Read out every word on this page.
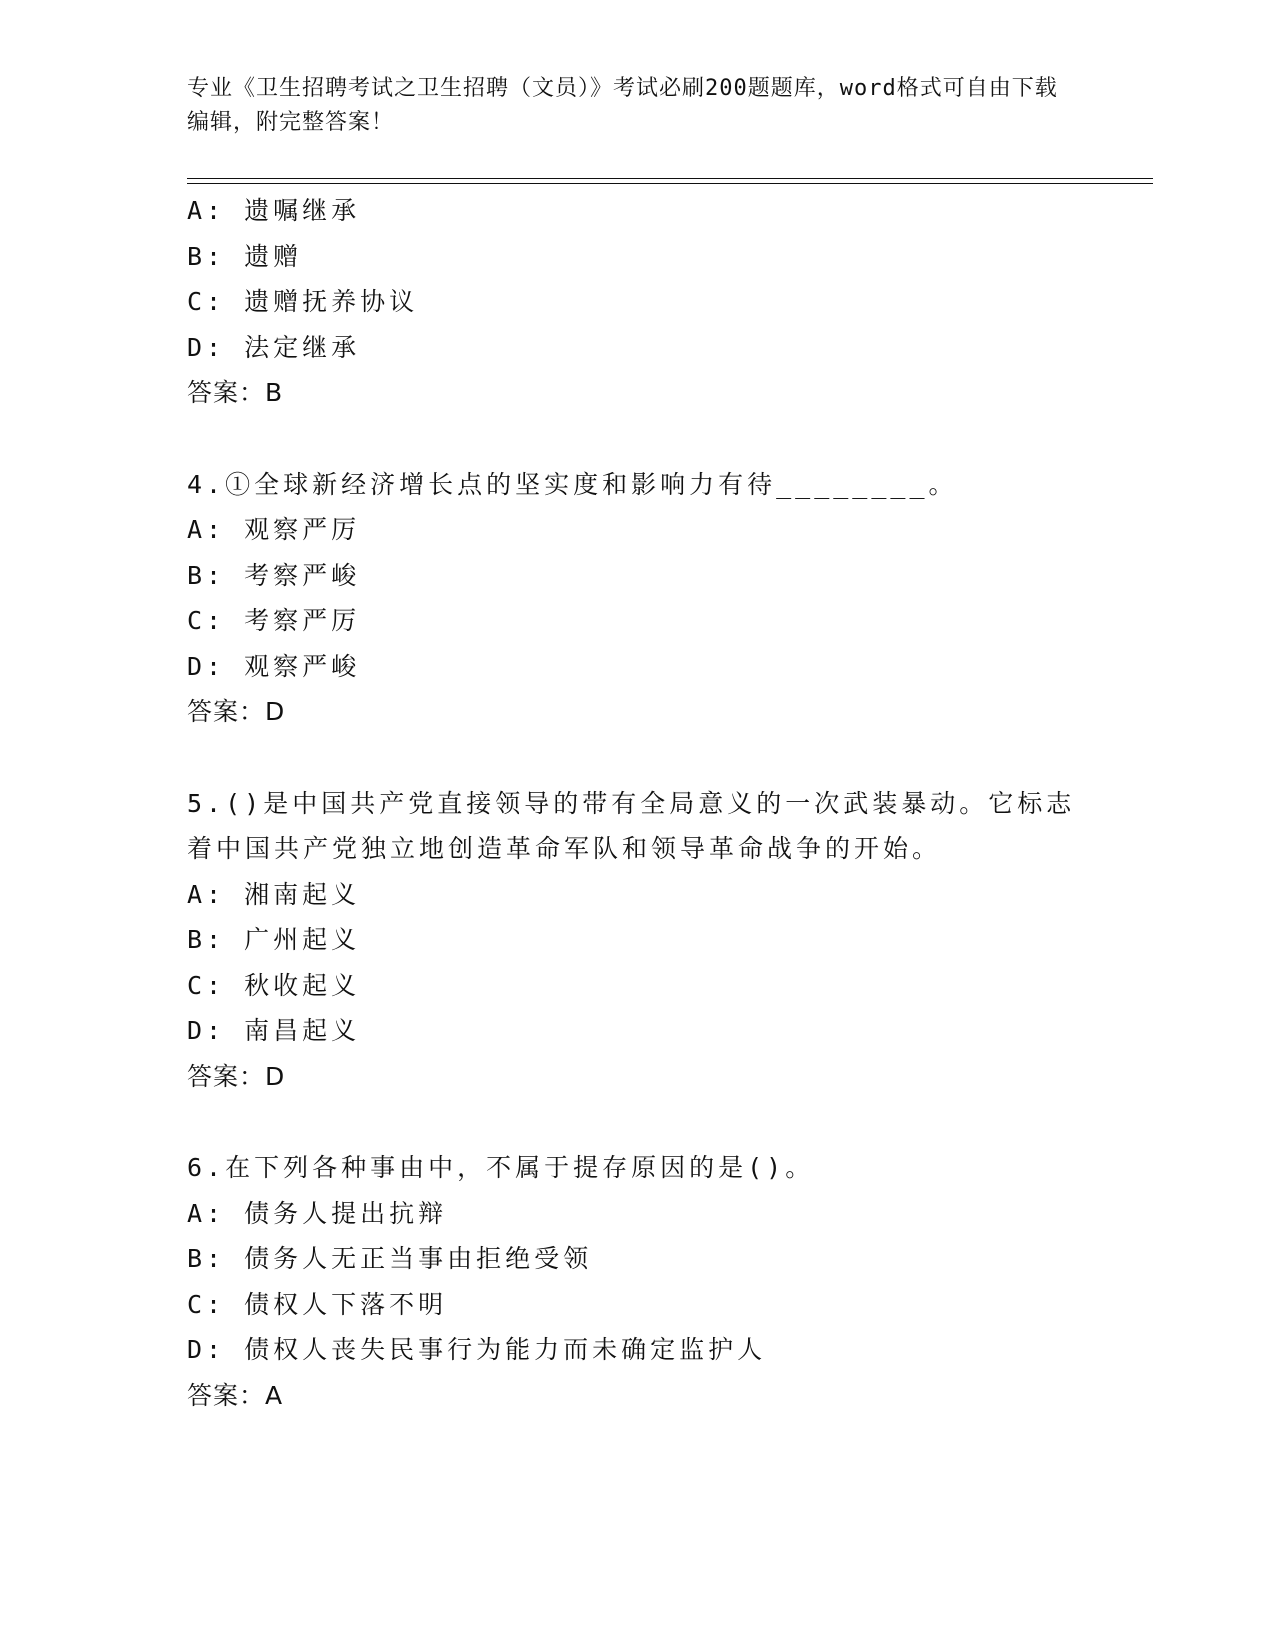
专业《卫生招聘考试之卫生招聘（文员）》考试必刷200题题库，word格式可自由下载编辑，附完整答案！
A: 遗嘱继承
B: 遗赠
C: 遗赠抚养协议
D: 法定继承
答案：B
4.①全球新经济增长点的坚实度和影响力有待________。
A: 观察严厉
B: 考察严峻
C: 考察严厉
D: 观察严峻
答案：D
5.()是中国共产党直接领导的带有全局意义的一次武装暴动。它标志着中国共产党独立地创造革命军队和领导革命战争的开始。
A: 湘南起义
B: 广州起义
C: 秋收起义
D: 南昌起义
答案：D
6.在下列各种事由中，不属于提存原因的是()。
A: 债务人提出抗辩
B: 债务人无正当事由拒绝受领
C: 债权人下落不明
D: 债权人丧失民事行为能力而未确定监护人
答案：A
